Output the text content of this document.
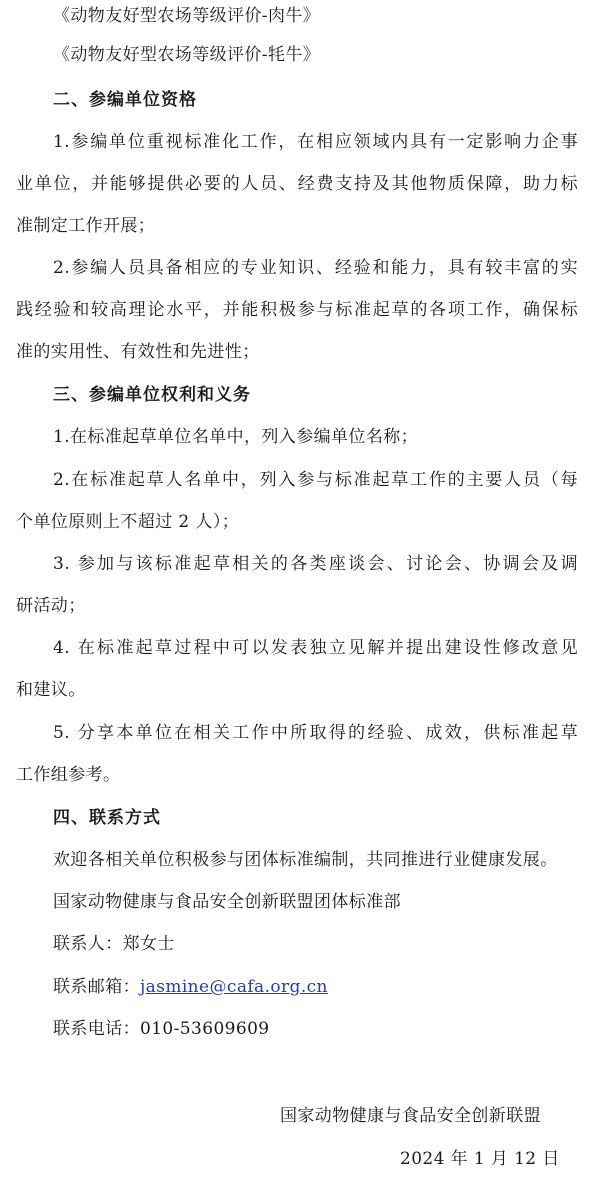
《动物友好型农场等级评价-肉牛》
《动物友好型农场等级评价-牦牛》
二、参编单位资格
1.参编单位重视标准化工作，在相应领域内具有一定影响力企事
业单位，并能够提供必要的人员、经费支持及其他物质保障，助力标
准制定工作开展；
2.参编人员具备相应的专业知识、经验和能力，具有较丰富的实
践经验和较高理论水平，并能积极参与标准起草的各项工作，确保标
准的实用性、有效性和先进性；
三、参编单位权利和义务
1.在标准起草单位名单中，列入参编单位名称；
2.在标准起草人名单中，列入参与标准起草工作的主要人员（每
个单位原则上不超过 2 人）；
3. 参加与该标准起草相关的各类座谈会、讨论会、协调会及调
研活动；
4. 在标准起草过程中可以发表独立见解并提出建设性修改意见
和建议。
5. 分享本单位在相关工作中所取得的经验、成效，供标准起草
工作组参考。
四、联系方式
欢迎各相关单位积极参与团体标准编制，共同推进行业健康发展。
国家动物健康与食品安全创新联盟团体标准部
联系人：郑女士
联系邮箱：jasmine@cafa.org.cn
联系电话：010-53609609
国家动物健康与食品安全创新联盟
2024 年 1 月 12 日
